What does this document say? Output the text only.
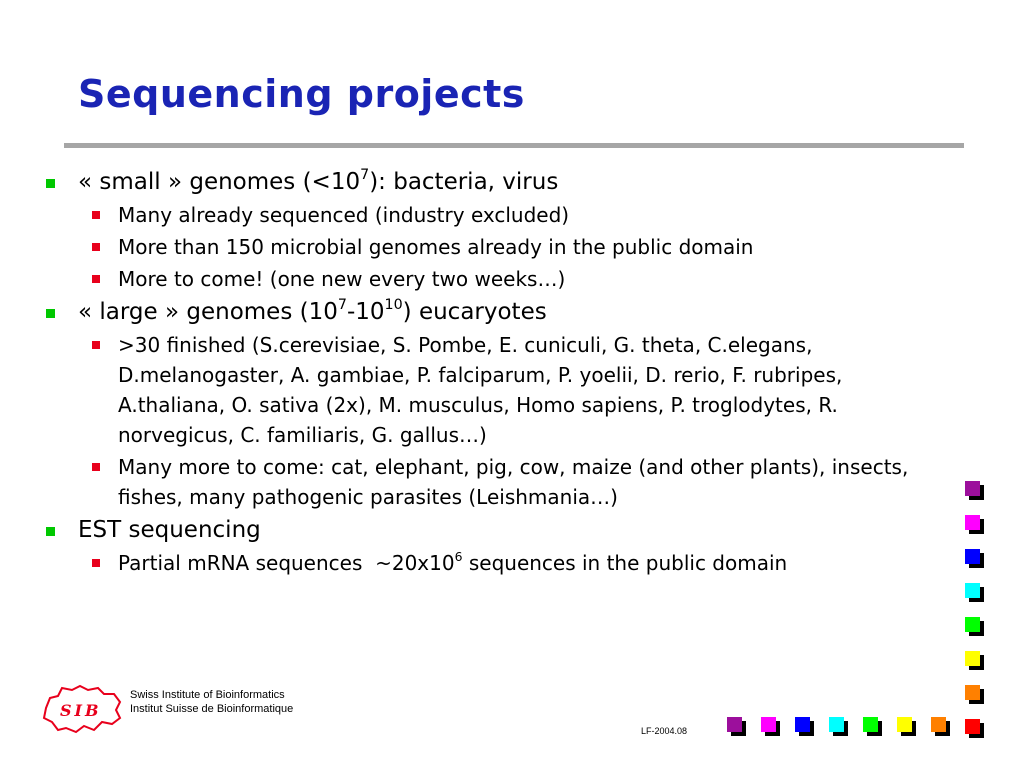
Sequencing projects
« small » genomes $(<10^7)$: bacteria, virus
Many already sequenced (industry excluded)
More than 150 microbial genomes already in the public domain
More to come! (one new every two weeks…)
« large » genomes $(10^7-10^{10})$ eucaryotes
>30 finished (S.cerevisiae, S. Pombe, E. cuniculi, G. theta, C.elegans, D.melanogaster, A. gambiae, P. falciparum, P. yoelii, D. rerio, F. rubripes, A.thaliana, O. sativa (2x), M. musculus, Homo sapiens, P. troglodytes, R. norvegicus, C. familiaris, G. gallus…)
Many more to come: cat, elephant, pig, cow, maize (and other plants), insects, fishes, many pathogenic parasites (Leishmania…)
EST sequencing
Partial mRNA sequences  $\sim 20x10^6$ sequences in the public domain
SIB
Swiss Institute of Bioinformatics
Institut Suisse de Bioinformatique
LF-2004.08
